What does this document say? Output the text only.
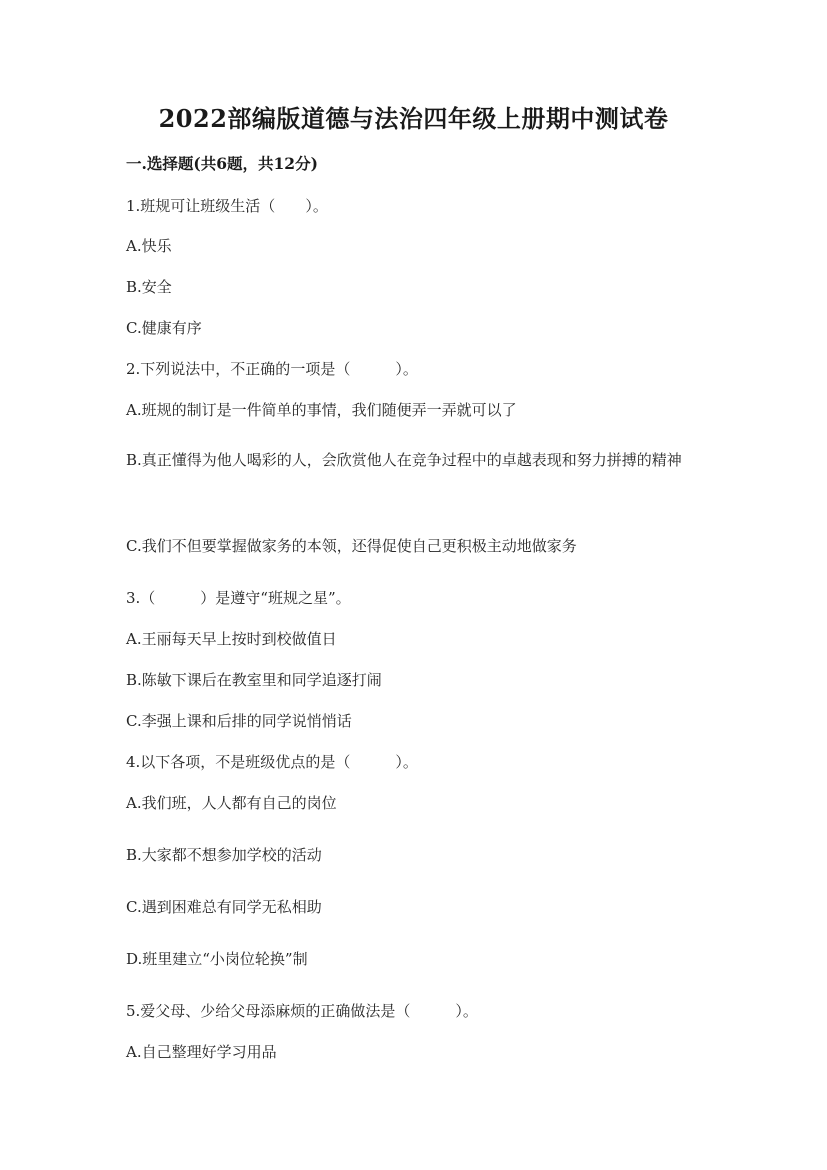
2022部编版道德与法治四年级上册期中测试卷
一.选择题(共6题，共12分)
1.班规可让班级生活（　　）。
A.快乐
B.安全
C.健康有序
2.下列说法中，不正确的一项是（　　　）。
A.班规的制订是一件简单的事情，我们随便弄一弄就可以了
B.真正懂得为他人喝彩的人，会欣赏他人在竞争过程中的卓越表现和努力拼搏的精神
C.我们不但要掌握做家务的本领，还得促使自己更积极主动地做家务
3.（　　　）是遵守“班规之星”。
A.王丽每天早上按时到校做值日
B.陈敏下课后在教室里和同学追逐打闹
C.李强上课和后排的同学说悄悄话
4.以下各项，不是班级优点的是（　　　）。
A.我们班，人人都有自己的岗位
B.大家都不想参加学校的活动
C.遇到困难总有同学无私相助
D.班里建立“小岗位轮换”制
5.爱父母、少给父母添麻烦的正确做法是（　　　）。
A.自己整理好学习用品
